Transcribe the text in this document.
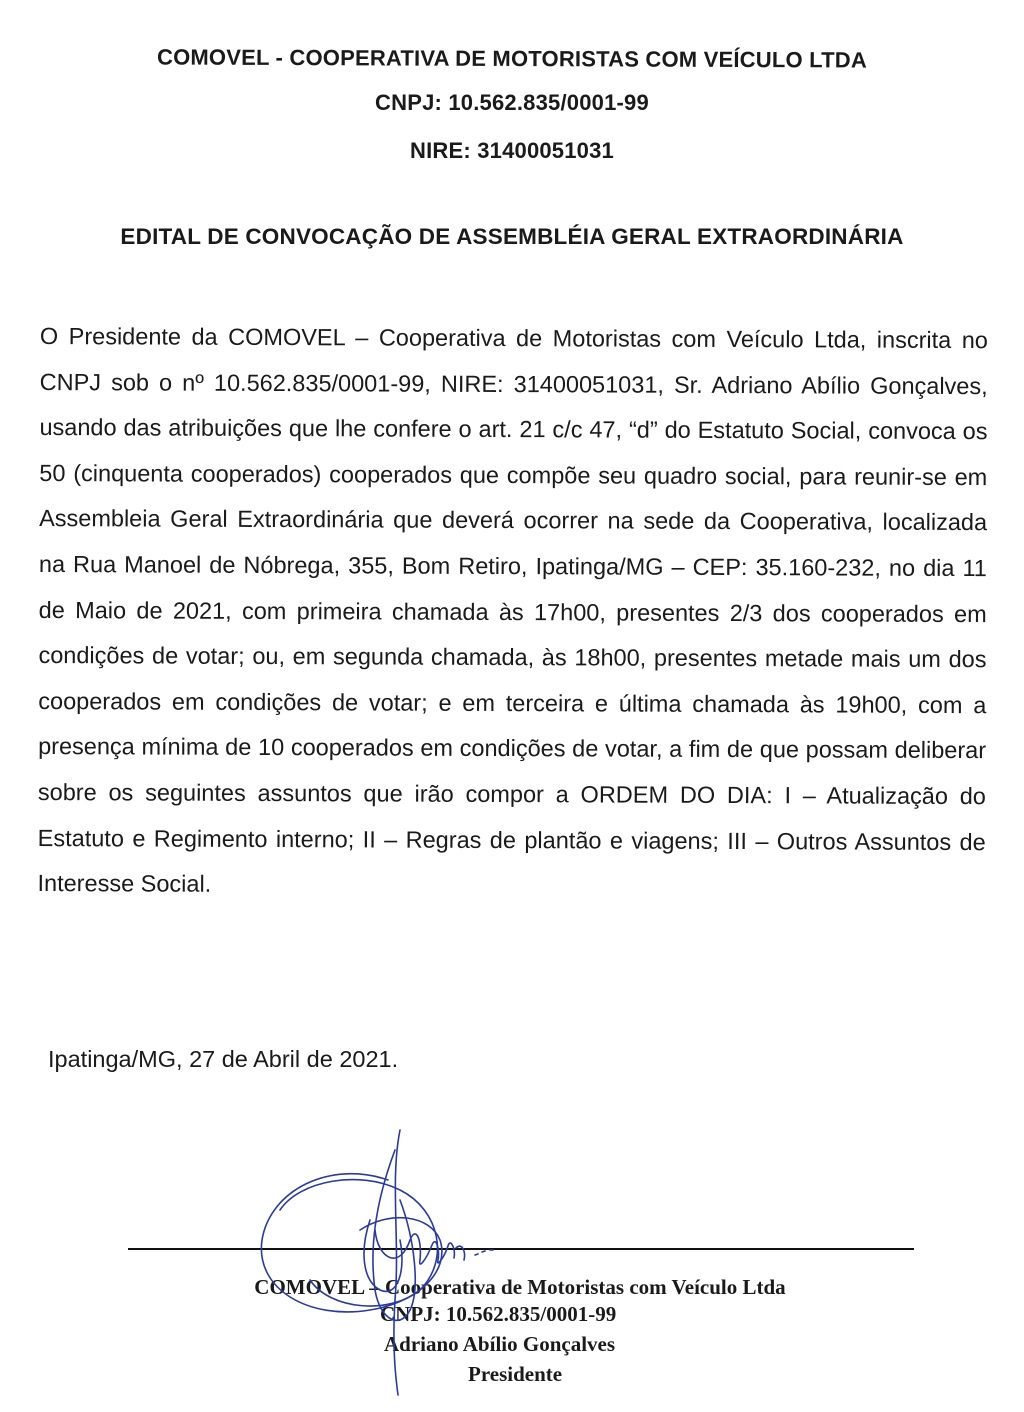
COMOVEL - COOPERATIVA DE MOTORISTAS COM VEÍCULO LTDA
CNPJ: 10.562.835/0001-99
NIRE: 31400051031
EDITAL DE CONVOCAÇÃO DE ASSEMBLÉIA GERAL EXTRAORDINÁRIA
O Presidente da COMOVEL – Cooperativa de Motoristas com Veículo Ltda, inscrita no CNPJ sob o nº 10.562.835/0001-99, NIRE: 31400051031, Sr. Adriano Abílio Gonçalves, usando das atribuições que lhe confere o art. 21 c/c 47, “d” do Estatuto Social, convoca os 50 (cinquenta cooperados) cooperados que compõe seu quadro social, para reunir-se em Assembleia Geral Extraordinária que deverá ocorrer na sede da Cooperativa, localizada na Rua Manoel de Nóbrega, 355, Bom Retiro, Ipatinga/MG – CEP: 35.160-232, no dia 11 de Maio de 2021, com primeira chamada às 17h00, presentes 2/3 dos cooperados em condições de votar; ou, em segunda chamada, às 18h00, presentes metade mais um dos cooperados em condições de votar; e em terceira e última chamada às 19h00, com a presença mínima de 10 cooperados em condições de votar, a fim de que possam deliberar sobre os seguintes assuntos que irão compor a ORDEM DO DIA: I – Atualização do Estatuto e Regimento interno; II – Regras de plantão e viagens; III – Outros Assuntos de Interesse Social.
Ipatinga/MG, 27 de Abril de 2021.
COMOVEL – Cooperativa de Motoristas com Veículo Ltda
CNPJ: 10.562.835/0001-99
Adriano Abílio Gonçalves
Presidente
